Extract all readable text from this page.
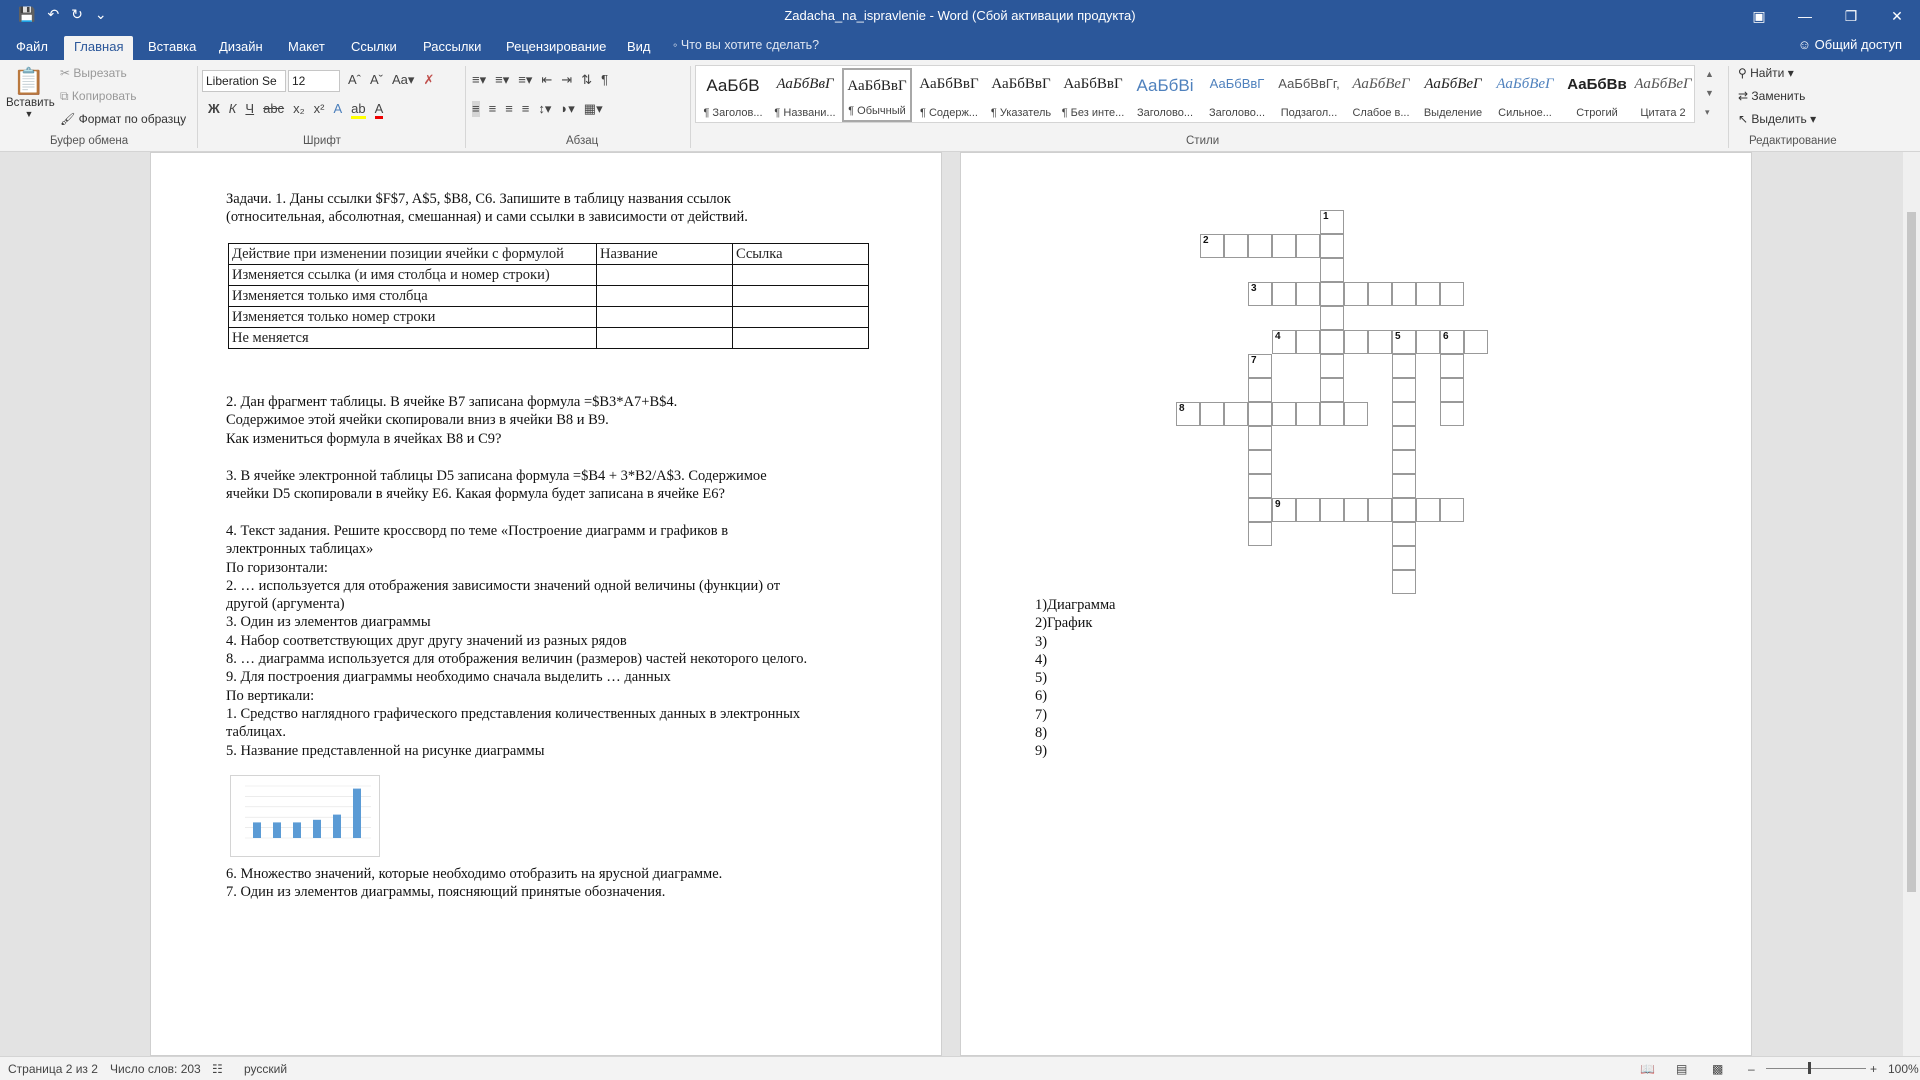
💾 ↶ ↻ ⌄	Zadacha_na_ispravlenie - Word (Сбой активации продукта)	▣	—	❐	✕
Файл	Главная	Вставка	Дизайн	Макет	Ссылки	Рассылки	Рецензирование	Вид	◦ Что вы хотите сделать?	☺ Общий доступ
📋
Вставить
▼
✂ Вырезать
⧉ Копировать
🖌 Формат по образцу
Буфер обмена
Liberation Se	12	Aˆ Aˇ Aa▾ ✗
Ж К Ч abc x₂ x² A ab A
Шрифт
≡▾ ≡▾ ≡▾ ⇤ ⇥ ⇅ ¶
≡ ≡ ≡ ≡ ↕▾ ◗▾ ▦▾
Абзац
АаБбВ
¶ Заголов...
АаБбВвГ
¶ Названи...
АаБбВвГ
¶ Обычный
АаБбВвГ
¶ Содерж...
АаБбВвГ
¶ Указатель
АаБбВвГ
¶ Без инте...
АаБбВі
Заголово...
АаБбВвГ
Заголово...
АаБбВвГг,
Подзагол...
АаБбВеГ
Слабое в...
АаБбВеГ
Выделение
АаБбВеГ
Сильное...
АаБбВв
Строгий
АаБбВеГ
Цитата 2
▲
▼
▾
Стили
⚲ Найти ▾
⇄ Заменить
↖ Выделить ▾
Редактирование
Задачи. 1. Даны ссылки $F$7, A$5, $B8, C6. Запишите в таблицу названия ссылок
(относительная, абсолютная, смешанная) и сами ссылки в зависимости от действий.
Действие при изменении позиции ячейки с формулой	Название	Ссылка
Изменяется ссылка (и имя столбца и номер строки)		
Изменяется только имя столбца		
Изменяется только номер строки		
Не меняется		
2. Дан фрагмент таблицы. В ячейке B7 записана формула =$B3*A7+B$4.
Содержимое этой ячейки скопировали вниз в ячейки B8 и B9.
Как измениться формула в ячейках B8 и C9?
3. В ячейке электронной таблицы D5 записана формула =$B4 + 3*B2/A$3. Содержимое
ячейки D5 скопировали в ячейку E6. Какая формула будет записана в ячейке E6?
4. Текст задания. Решите кроссворд по теме «Построение диаграмм и графиков в
электронных таблицах»
По горизонтали:
2. … используется для отображения зависимости значений одной величины (функции) от
другой (аргумента)
3. Один из элементов диаграммы
4. Набор соответствующих друг другу значений из разных рядов
8. … диаграмма используется для отображения величин (размеров) частей некоторого целого.
9. Для построения диаграммы необходимо сначала выделить … данных
По вертикали:
1. Средство наглядного графического представления количественных данных в электронных
таблицах.
5. Название представленной на рисунке диаграммы
6. Множество значений, которые необходимо отобразить на ярусной диаграмме.
7. Один из элементов диаграммы, поясняющий принятые обозначения.
1
2
3
4	5	6
7
8
9
1)Диаграмма
2)График
3)
4)
5)
6)
7)
8)
9)
Страница 2 из 2 Число слов: 203 ☷ русский	📖 ▤ ▩ –	+ 100%
